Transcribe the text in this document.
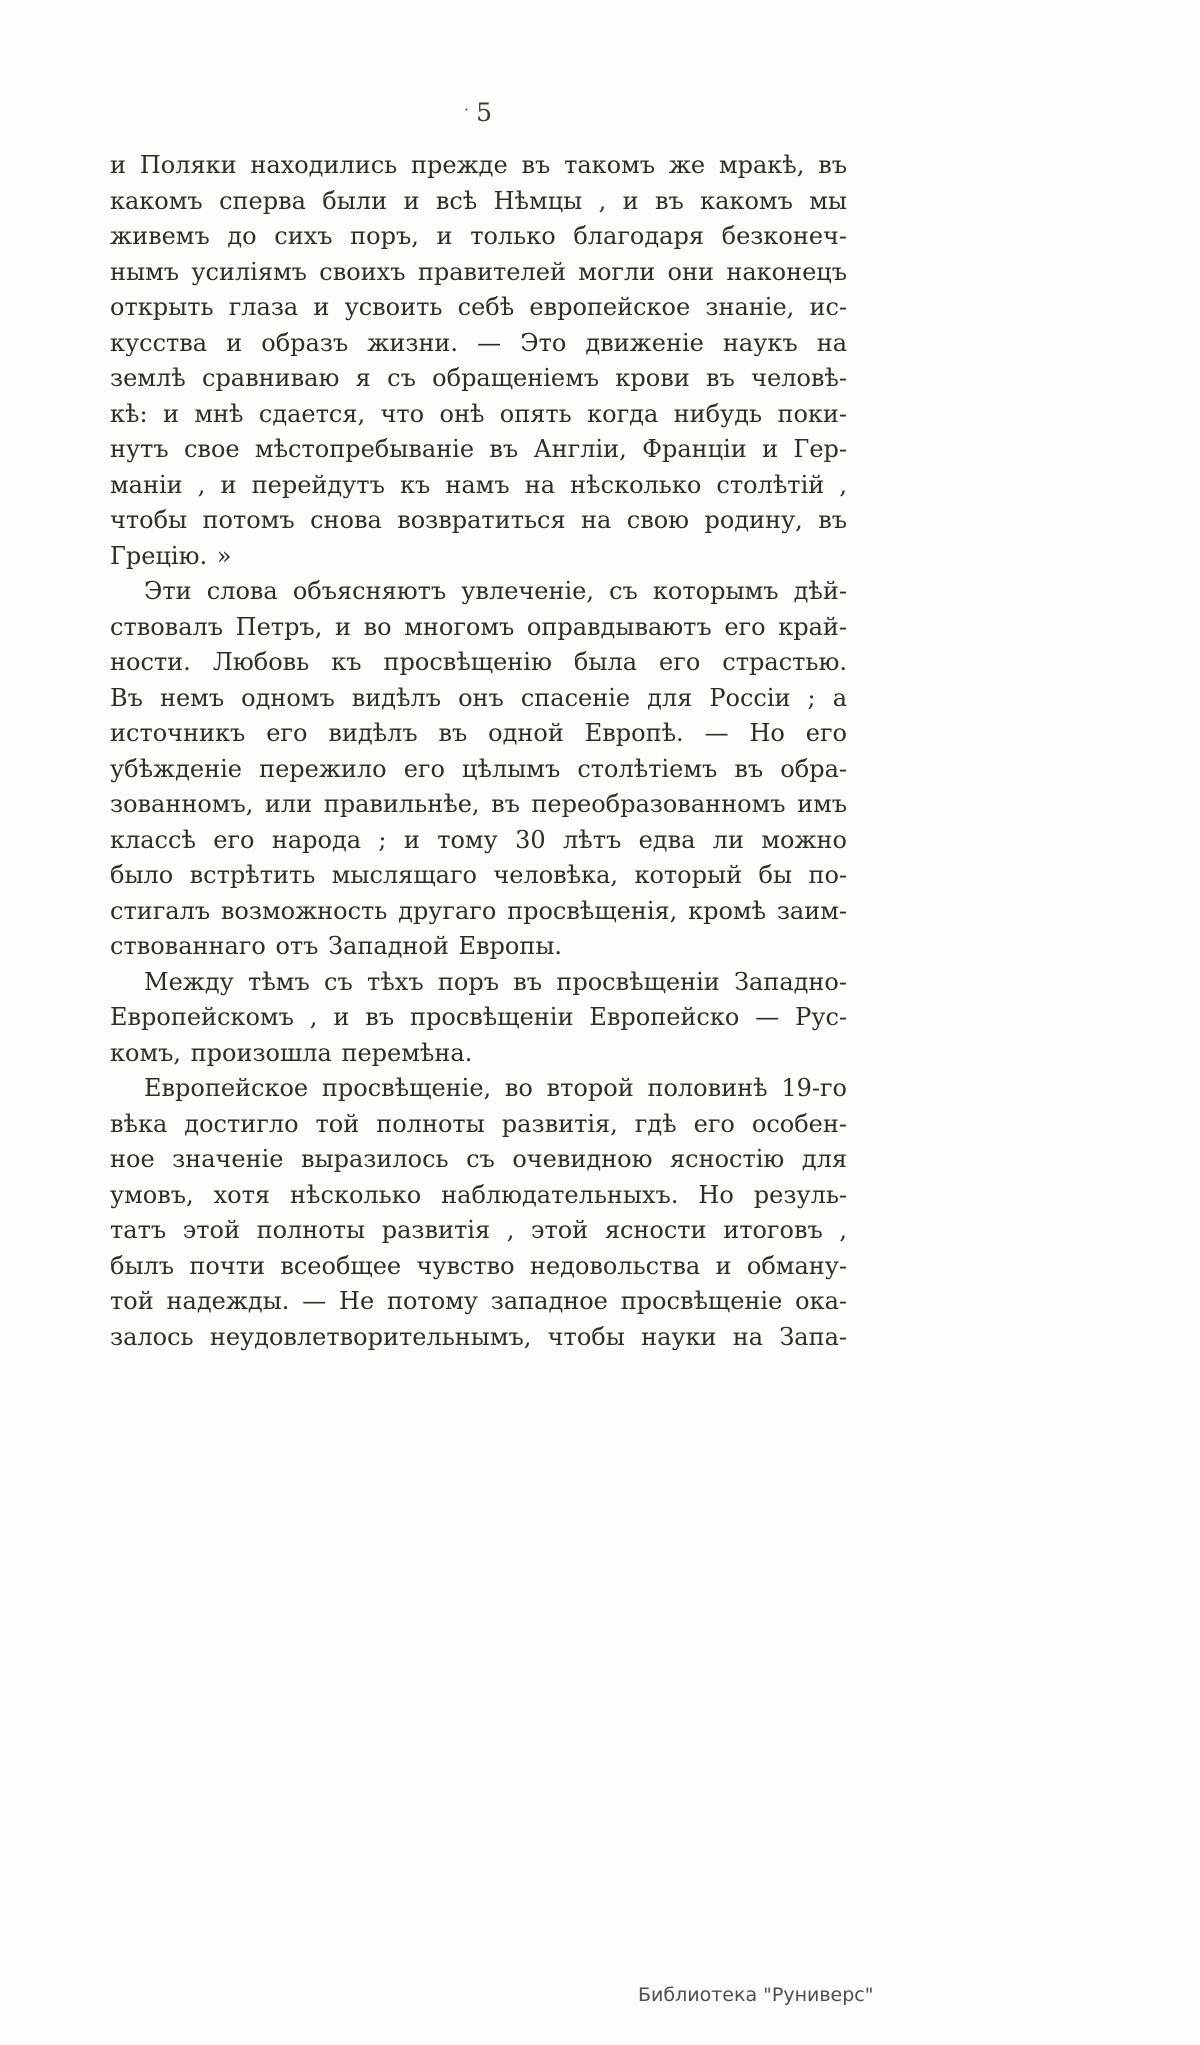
· 5
и Поляки находились прежде въ такомъ же мракѣ, въ
какомъ сперва были и всѣ Нѣмцы , и въ какомъ мы
живемъ до сихъ поръ, и только благодаря безконеч-
нымъ усиліямъ своихъ правителей могли они наконецъ
открыть глаза и усвоить себѣ европейское знаніе, ис-
кусства и образъ жизни. — Это движеніе наукъ на
землѣ сравниваю я съ обращеніемъ крови въ человѣ-
кѣ: и мнѣ сдается, что онѣ опять когда нибудь поки-
нутъ свое мѣстопребываніе въ Англіи, Франціи и Гер-
маніи , и перейдутъ къ намъ на нѣсколько столѣтій ,
чтобы потомъ снова возвратиться на свою родину, въ
Грецію. »
Эти слова объясняютъ увлеченіе, съ которымъ дѣй-
ствовалъ Петръ, и во многомъ оправдываютъ его край-
ности. Любовь къ просвѣщенію была его страстью.
Въ немъ одномъ видѣлъ онъ спасеніе для Россіи ; а
источникъ его видѣлъ въ одной Европѣ. — Но его
убѣжденіе пережило его цѣлымъ столѣтіемъ въ обра-
зованномъ, или правильнѣе, въ переобразованномъ имъ
классѣ его народа ; и тому 30 лѣтъ едва ли можно
было встрѣтить мыслящаго человѣка, который бы по-
стигалъ возможность другаго просвѣщенія, кромѣ заим-
ствованнаго отъ Западной Европы.
Между тѣмъ съ тѣхъ поръ въ просвѣщеніи Западно-
Европейскомъ , и въ просвѣщеніи Европейско — Рус-
комъ, произошла перемѣна.
Европейское просвѣщеніе, во второй половинѣ 19-го
вѣка достигло той полноты развитія, гдѣ его особен-
ное значеніе выразилось съ очевидною ясностію для
умовъ, хотя нѣсколько наблюдательныхъ. Но резуль-
татъ этой полноты развитія , этой ясности итоговъ ,
былъ почти всеобщее чувство недовольства и обману-
той надежды. — Не потому западное просвѣщеніе ока-
залось неудовлетворительнымъ, чтобы науки на Запа-
Библиотека "Руниверс"
